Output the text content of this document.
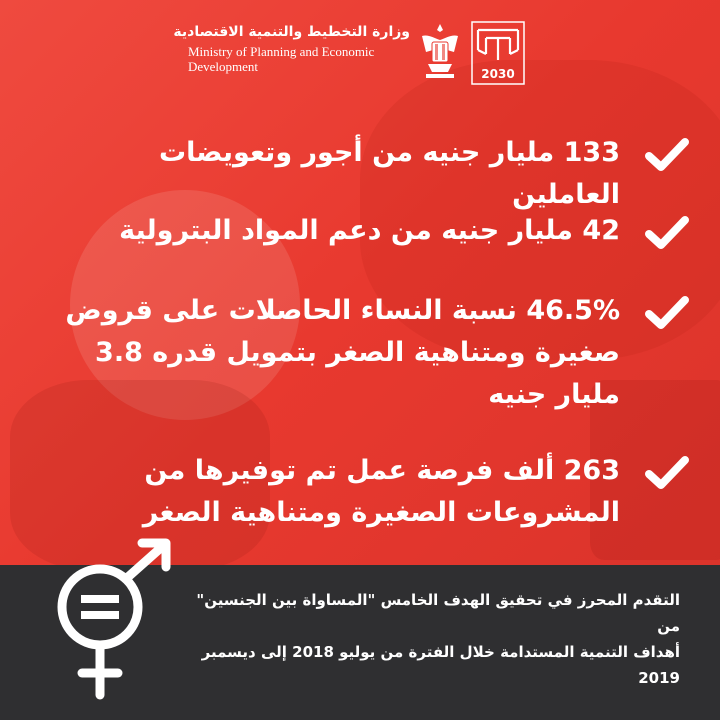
وزارة التخطيط والتنمية الاقتصادية
Ministry of Planning and Economic
Development	2030
133 مليار جنيه من أجور وتعويضات العاملين
42 مليار جنيه من دعم المواد البترولية
46.5% نسبة النساء الحاصلات على قروض صغيرة ومتناهية الصغر بتمويل قدره 3.8 مليار جنيه
263 ألف فرصة عمل تم توفيرها من المشروعات الصغيرة ومتناهية الصغر
التقدم المحرز في تحقيق الهدف الخامس "المساواة بين الجنسين" من
أهداف التنمية المستدامة خلال الفترة من يوليو 2018 إلى ديسمبر 2019
